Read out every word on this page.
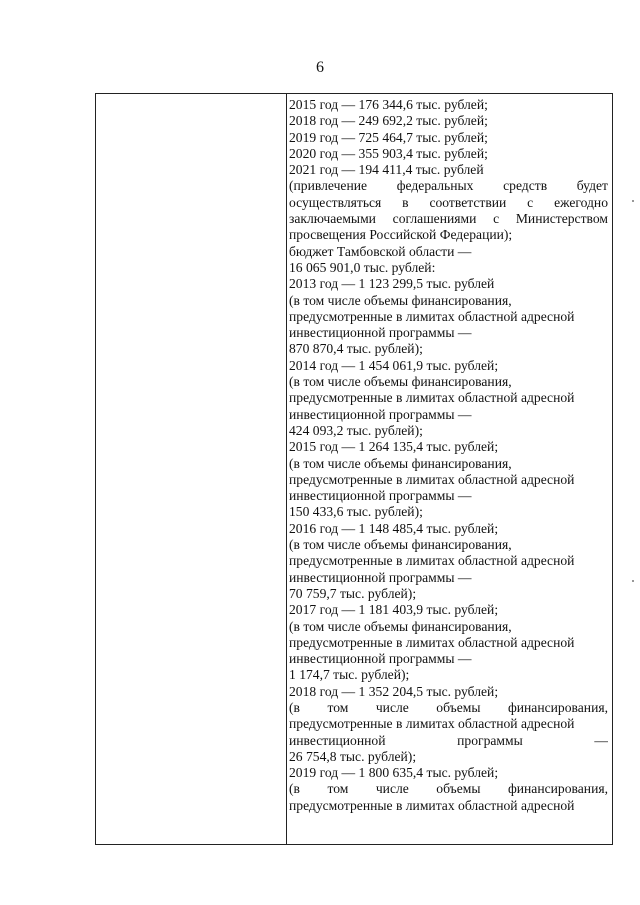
6

2015 год — 176 344,6 тыс. рублей;
2018 год — 249 692,2 тыс. рублей;
2019 год — 725 464,7 тыс. рублей;
2020 год — 355 903,4 тыс. рублей;
2021 год — 194 411,4 тыс. рублей
(привлечение федеральных средств будет
осуществляться в соответствии с ежегодно
заключаемыми соглашениями с Министерством
просвещения Российской Федерации);
бюджет Тамбовской области —
16 065 901,0 тыс. рублей:
2013 год — 1 123 299,5 тыс. рублей
(в том числе объемы финансирования,
предусмотренные в лимитах областной адресной
инвестиционной программы —
870 870,4 тыс. рублей);
2014 год — 1 454 061,9 тыс. рублей;
(в том числе объемы финансирования,
предусмотренные в лимитах областной адресной
инвестиционной программы —
424 093,2 тыс. рублей);
2015 год — 1 264 135,4 тыс. рублей;
(в том числе объемы финансирования,
предусмотренные в лимитах областной адресной
инвестиционной программы —
150 433,6 тыс. рублей);
2016 год — 1 148 485,4 тыс. рублей;
(в том числе объемы финансирования,
предусмотренные в лимитах областной адресной
инвестиционной программы —
70 759,7 тыс. рублей);
2017 год — 1 181 403,9 тыс. рублей;
(в том числе объемы финансирования,
предусмотренные в лимитах областной адресной
инвестиционной программы —
1 174,7 тыс. рублей);
2018 год — 1 352 204,5 тыс. рублей;
(в том числе объемы финансирования,
предусмотренные в лимитах областной адресной
инвестиционной программы —
26 754,8 тыс. рублей);
2019 год — 1 800 635,4 тыс. рублей;
(в том числе объемы финансирования,
предусмотренные в лимитах областной адресной
